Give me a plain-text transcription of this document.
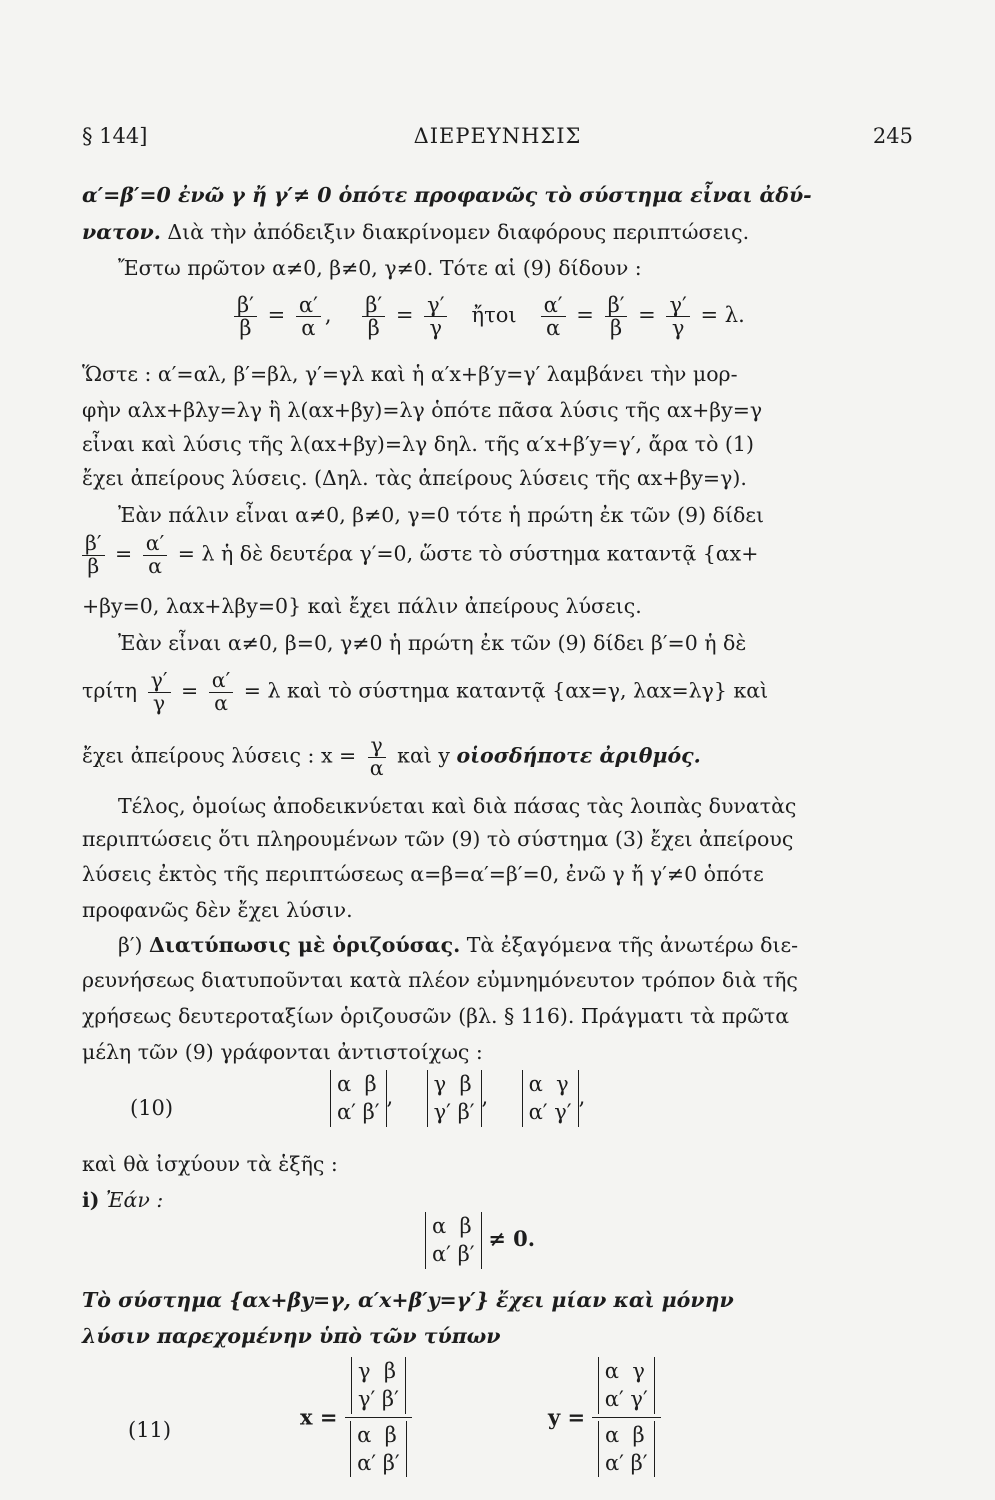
§ 144]	ΔΙΕΡΕΥΝΗΣΙΣ	245
α′=β′=0 ἐνῶ γ ἤ γ′≠ 0 ὁπότε προφανῶς τὸ σύστημα εἶναι ἀδύ-
νατον. Διὰ τὴν ἀπόδειξιν διακρίνομεν διαφόρους περιπτώσεις.
Ἔστω πρῶτον α≠0, β≠0, γ≠0. Τότε αἱ (9) δίδουν :
$\frac{\beta'}{\beta} = \frac{\alpha'}{\alpha}$ , $\frac{\beta'}{\beta} = \frac{\gamma'}{\gamma}$ ἤτοι $\frac{\alpha'}{\alpha} = \frac{\beta'}{\beta} = \frac{\gamma'}{\gamma} = \lambda$.
Ὥστε : α′=αλ, β′=βλ, γ′=γλ καὶ ἡ α′x+β′y=γ′ λαμβάνει τὴν μορ-
φὴν αλx+βλy=λγ ἢ λ(αx+βy)=λγ ὁπότε πᾶσα λύσις τῆς αx+βy=γ
εἶναι καὶ λύσις τῆς λ(αx+βy)=λγ δηλ. τῆς α′x+β′y=γ′, ἄρα τὸ (1)
ἔχει ἀπείρους λύσεις. (Δηλ. τὰς ἀπείρους λύσεις τῆς αx+βy=γ).
Ἐὰν πάλιν εἶναι α≠0, β≠0, γ=0 τότε ἡ πρώτη ἐκ τῶν (9) δίδει
$\frac{\beta'}{\beta} = \frac{\alpha'}{\alpha} = \lambda$ ἡ δὲ δευτέρα γ′=0, ὥστε τὸ σύστημα καταντᾷ {αx+
+βy=0, λαx+λβy=0} καὶ ἔχει πάλιν ἀπείρους λύσεις.
Ἐὰν εἶναι α≠0, β=0, γ≠0 ἡ πρώτη ἐκ τῶν (9) δίδει β′=0 ἡ δὲ
τρίτη $\frac{\gamma'}{\gamma} = \frac{\alpha'}{\alpha} = \lambda$ καὶ τὸ σύστημα καταντᾷ {αx=γ, λαx=λγ} καὶ
ἔχει ἀπείρους λύσεις : $x = \frac{\gamma}{\alpha}$ καὶ y οἱοσδήποτε ἀριθμός.
Τέλος, ὁμοίως ἀποδεικνύεται καὶ διὰ πάσας τὰς λοιπὰς δυνατὰς
περιπτώσεις ὅτι πληρουμένων τῶν (9) τὸ σύστημα (3) ἔχει ἀπείρους
λύσεις ἐκτὸς τῆς περιπτώσεως α=β=α′=β′=0, ἐνῶ γ ἤ γ′≠0 ὁπότε
προφανῶς δὲν ἔχει λύσιν.
β′) Διατύπωσις μὲ ὁριζούσας. Τὰ ἐξαγόμενα τῆς ἀνωτέρω διε-
ρευνήσεως διατυποῦνται κατὰ πλέον εὐμνημόνευτον τρόπον διὰ τῆς
χρήσεως δευτεροταξίων ὁριζουσῶν (βλ. § 116). Πράγματι τὰ πρῶτα
μέλη τῶν (9) γράφονται ἀντιστοίχως :
(10)
α  β
α′ β′
,
γ  β
γ′ β′
,
α  γ
α′ γ′
,
καὶ θὰ ἰσχύουν τὰ ἑξῆς :
i) Ἐάν :
α  β
α′ β′
≠ 0.
Τὸ σύστημα {αx+βy=γ, α′x+β′y=γ′} ἔχει μίαν καὶ μόνην
λύσιν παρεχομένην ὑπὸ τῶν τύπων
(11)
x = γ  β
γ′ β′
α  β
α′ β′	y = α  γ
α′ γ′
α  β
α′ β′
